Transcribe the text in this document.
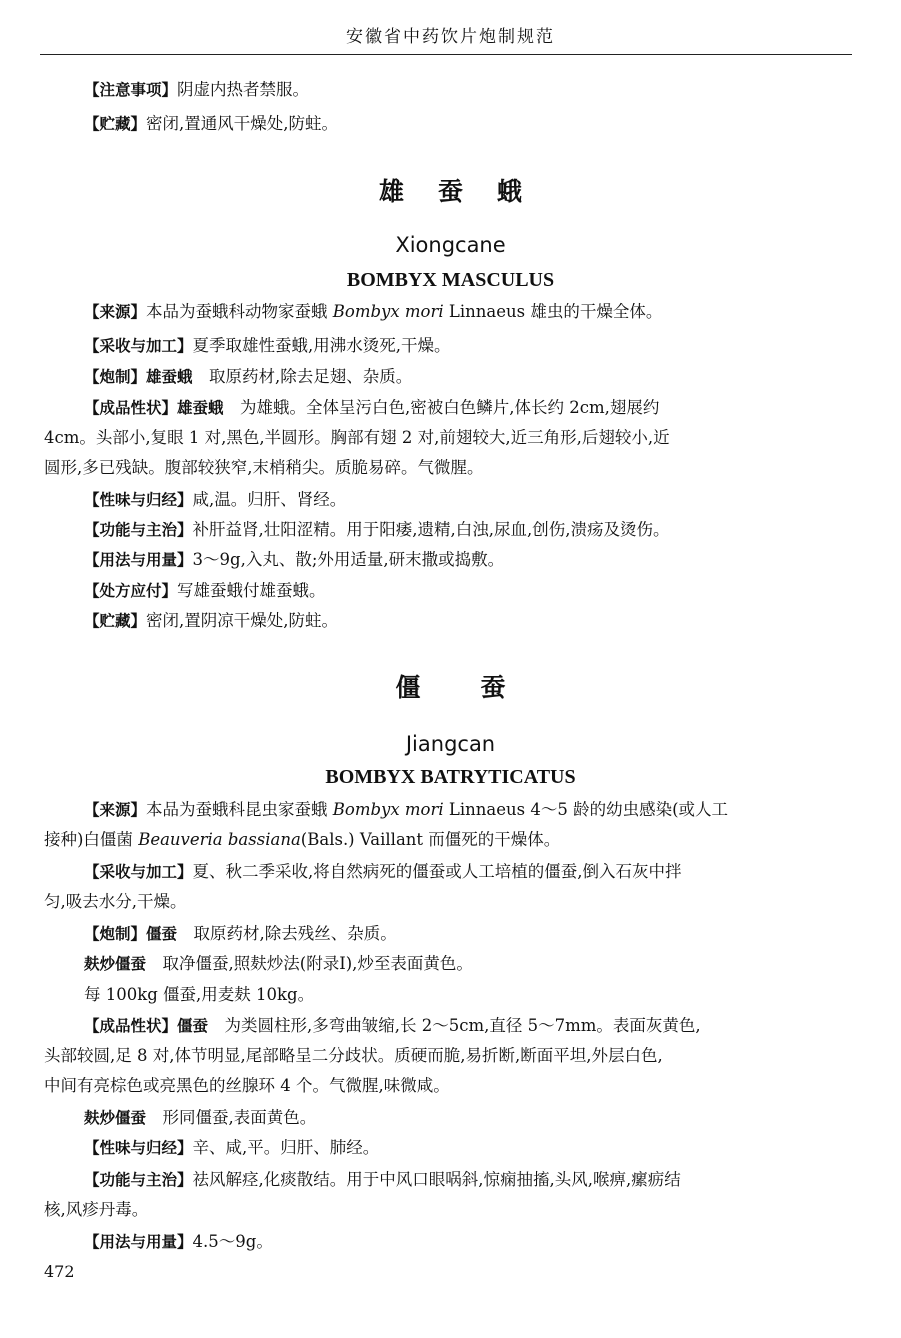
安徽省中药饮片炮制规范
【注意事项】阴虚内热者禁服。
【贮藏】密闭,置通风干燥处,防蛀。
雄蚕蛾
Xiongcane
BOMBYX MASCULUS
【来源】本品为蚕蛾科动物家蚕蛾 Bombyx mori Linnaeus 雄虫的干燥全体。
【采收与加工】夏季取雄性蚕蛾,用沸水烫死,干燥。
【炮制】雄蚕蛾　取原药材,除去足翅、杂质。
【成品性状】雄蚕蛾　为雄蛾。全体呈污白色,密被白色鳞片,体长约 2cm,翅展约
4cm。头部小,复眼 1 对,黑色,半圆形。胸部有翅 2 对,前翅较大,近三角形,后翅较小,近
圆形,多已残缺。腹部较狭窄,末梢稍尖。质脆易碎。气微腥。
【性味与归经】咸,温。归肝、肾经。
【功能与主治】补肝益肾,壮阳涩精。用于阳痿,遗精,白浊,尿血,创伤,溃疡及烫伤。
【用法与用量】3～9g,入丸、散;外用适量,研末撒或捣敷。
【处方应付】写雄蚕蛾付雄蚕蛾。
【贮藏】密闭,置阴凉干燥处,防蛀。
僵蚕
Jiangcan
BOMBYX BATRYTICATUS
【来源】本品为蚕蛾科昆虫家蚕蛾 Bombyx mori Linnaeus 4～5 龄的幼虫感染(或人工
接种)白僵菌 Beauveria bassiana(Bals.) Vaillant 而僵死的干燥体。
【采收与加工】夏、秋二季采收,将自然病死的僵蚕或人工培植的僵蚕,倒入石灰中拌
匀,吸去水分,干燥。
【炮制】僵蚕　取原药材,除去残丝、杂质。
麸炒僵蚕　取净僵蚕,照麸炒法(附录Ⅰ),炒至表面黄色。
每 100kg 僵蚕,用麦麸 10kg。
【成品性状】僵蚕　为类圆柱形,多弯曲皱缩,长 2～5cm,直径 5～7mm。表面灰黄色,
头部较圆,足 8 对,体节明显,尾部略呈二分歧状。质硬而脆,易折断,断面平坦,外层白色,
中间有亮棕色或亮黑色的丝腺环 4 个。气微腥,味微咸。
麸炒僵蚕　形同僵蚕,表面黄色。
【性味与归经】辛、咸,平。归肝、肺经。
【功能与主治】祛风解痉,化痰散结。用于中风口眼㖞斜,惊痫抽搐,头风,喉痹,瘰疬结
核,风疹丹毒。
【用法与用量】4.5～9g。
472
